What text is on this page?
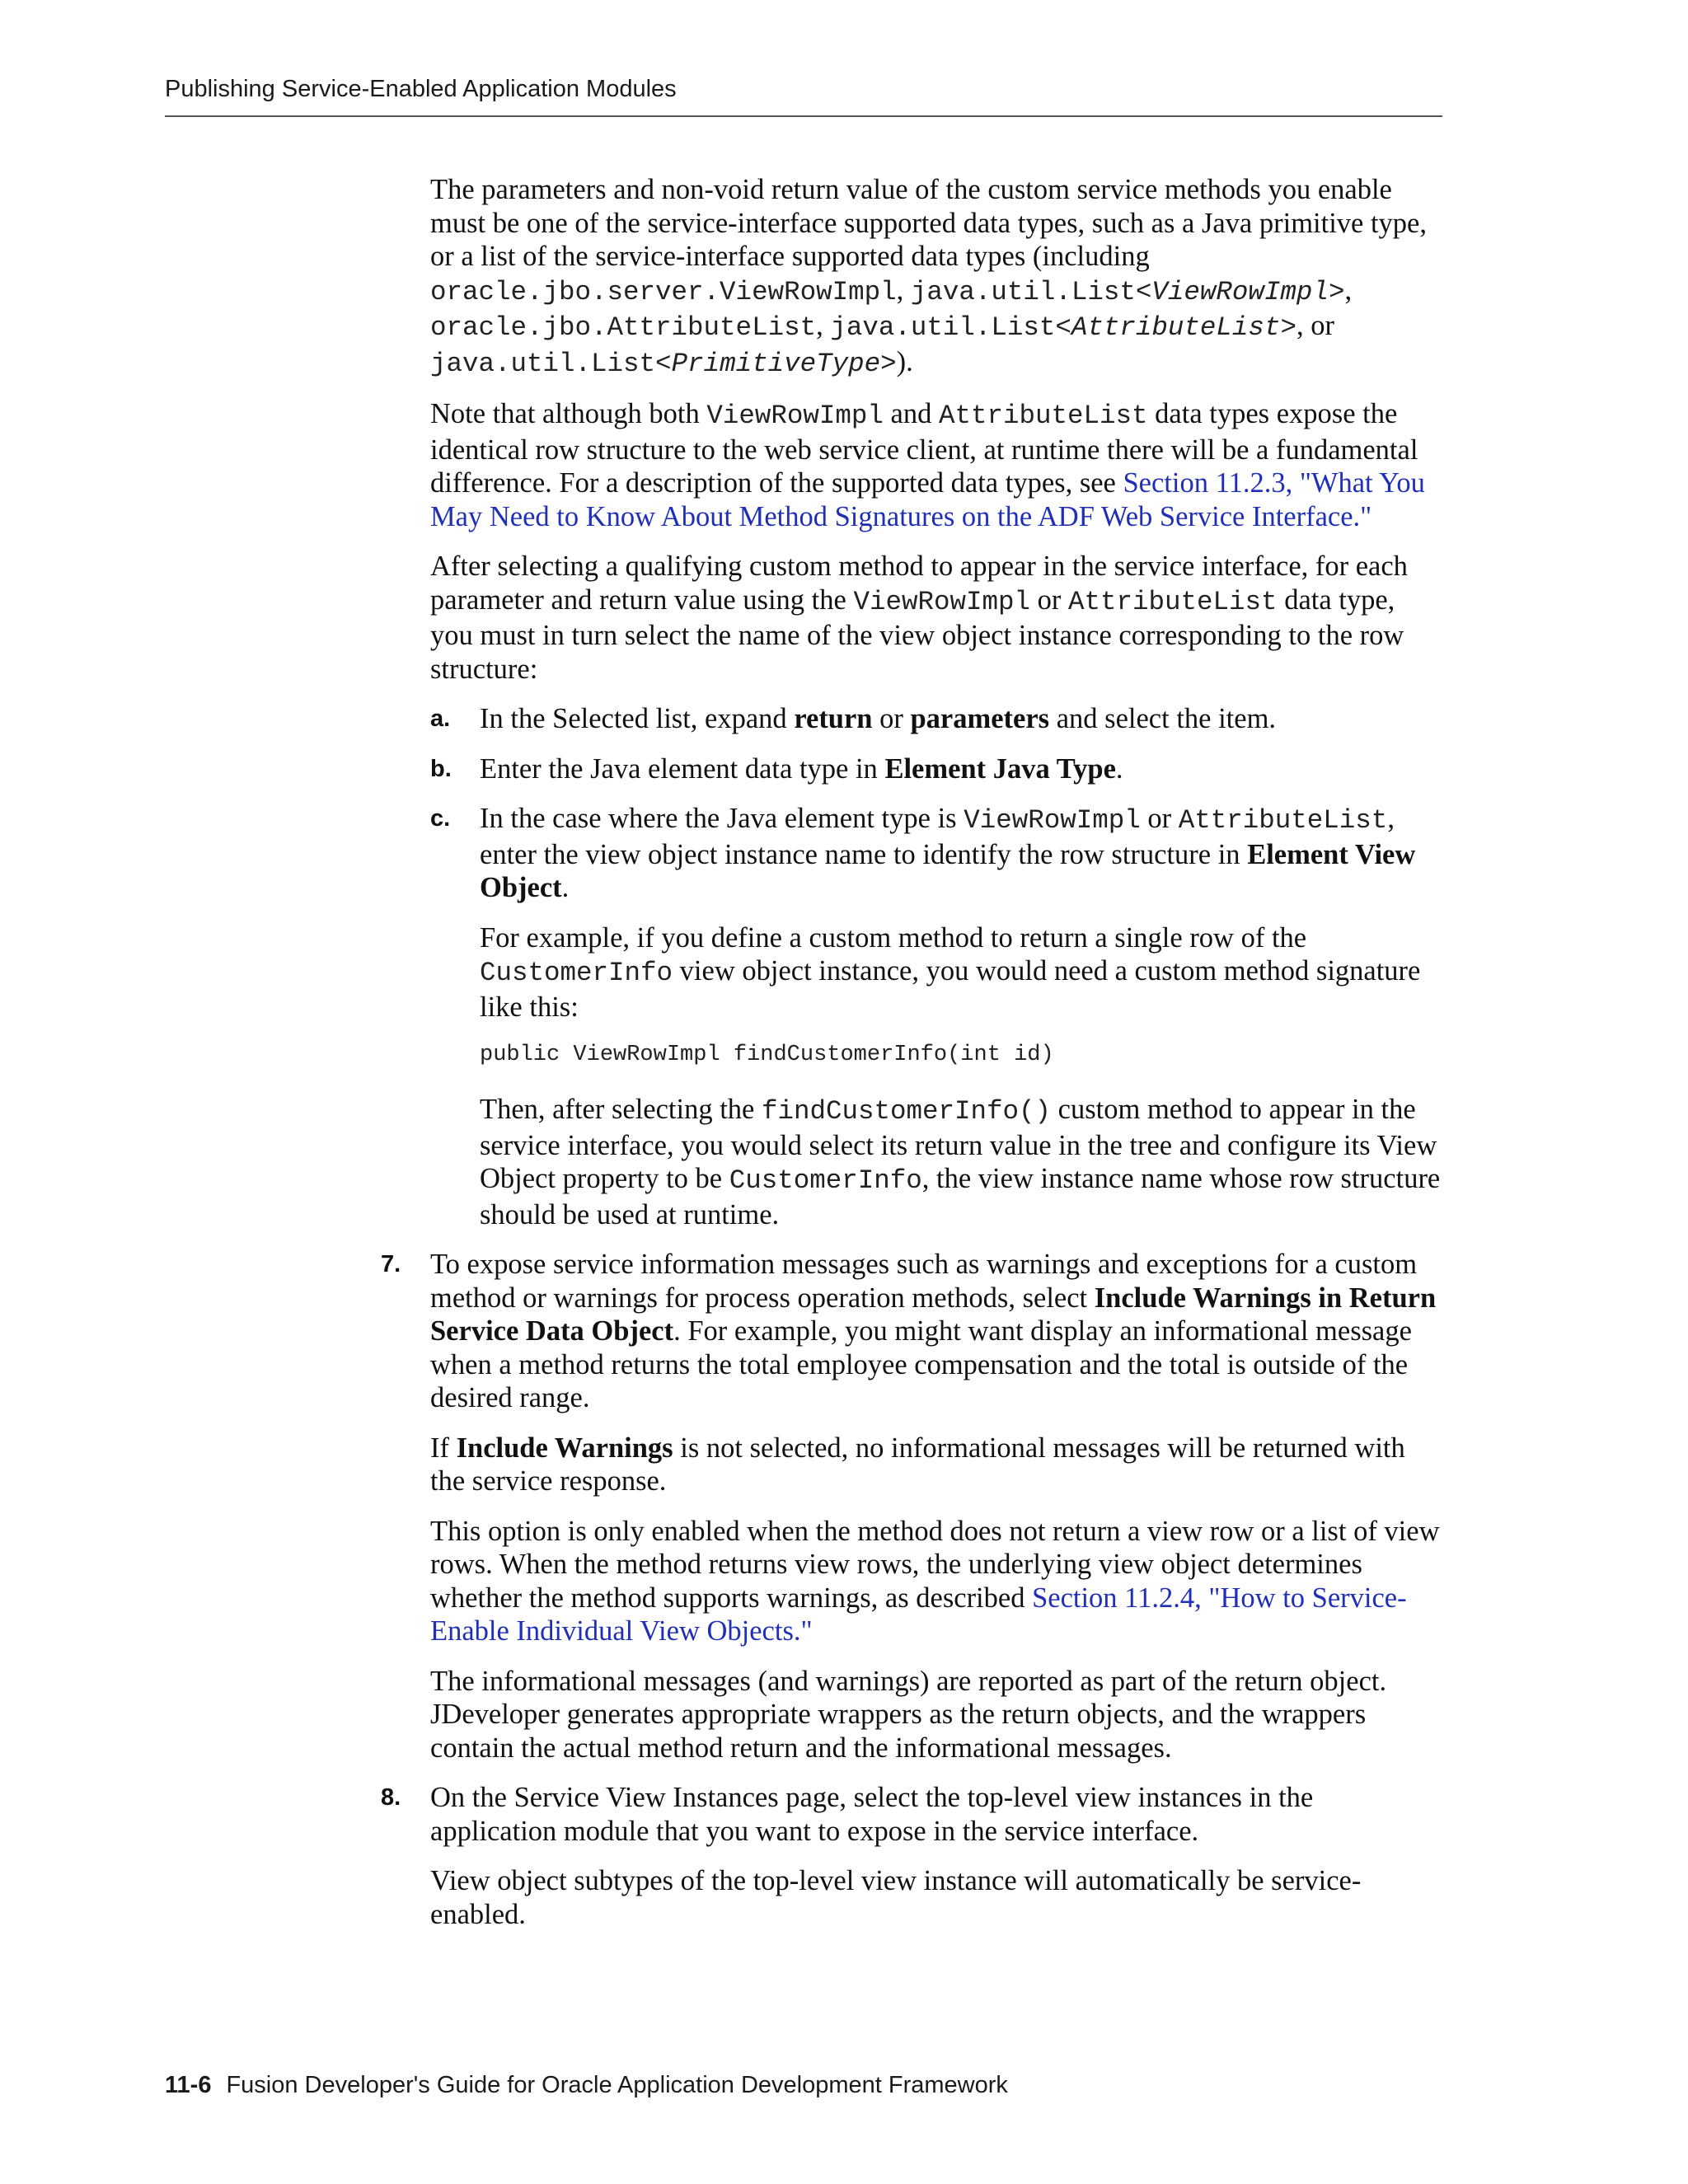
Publishing Service-Enabled Application Modules

The parameters and non-void return value of the custom service methods you enable must be one of the service-interface supported data types, such as a Java primitive type, or a list of the service-interface supported data types (including oracle.jbo.server.ViewRowImpl, java.util.List<ViewRowImpl>, oracle.jbo.AttributeList, java.util.List<AttributeList>, or java.util.List<PrimitiveType>).

Note that although both ViewRowImpl and AttributeList data types expose the identical row structure to the web service client, at runtime there will be a fundamental difference. For a description of the supported data types, see Section 11.2.3, "What You May Need to Know About Method Signatures on the ADF Web Service Interface."

After selecting a qualifying custom method to appear in the service interface, for each parameter and return value using the ViewRowImpl or AttributeList data type, you must in turn select the name of the view object instance corresponding to the row structure:

a. In the Selected list, expand return or parameters and select the item.

b. Enter the Java element data type in Element Java Type.

c. In the case where the Java element type is ViewRowImpl or AttributeList, enter the view object instance name to identify the row structure in Element View Object.

For example, if you define a custom method to return a single row of the CustomerInfo view object instance, you would need a custom method signature like this:

public ViewRowImpl findCustomerInfo(int id)

Then, after selecting the findCustomerInfo() custom method to appear in the service interface, you would select its return value in the tree and configure its View Object property to be CustomerInfo, the view instance name whose row structure should be used at runtime.

7. To expose service information messages such as warnings and exceptions for a custom method or warnings for process operation methods, select Include Warnings in Return Service Data Object. For example, you might want display an informational message when a method returns the total employee compensation and the total is outside of the desired range.

If Include Warnings is not selected, no informational messages will be returned with the service response.

This option is only enabled when the method does not return a view row or a list of view rows. When the method returns view rows, the underlying view object determines whether the method supports warnings, as described Section 11.2.4, "How to Service-Enable Individual View Objects."

The informational messages (and warnings) are reported as part of the return object. JDeveloper generates appropriate wrappers as the return objects, and the wrappers contain the actual method return and the informational messages.

8. On the Service View Instances page, select the top-level view instances in the application module that you want to expose in the service interface.

View object subtypes of the top-level view instance will automatically be service-enabled.

11-6 Fusion Developer's Guide for Oracle Application Development Framework
